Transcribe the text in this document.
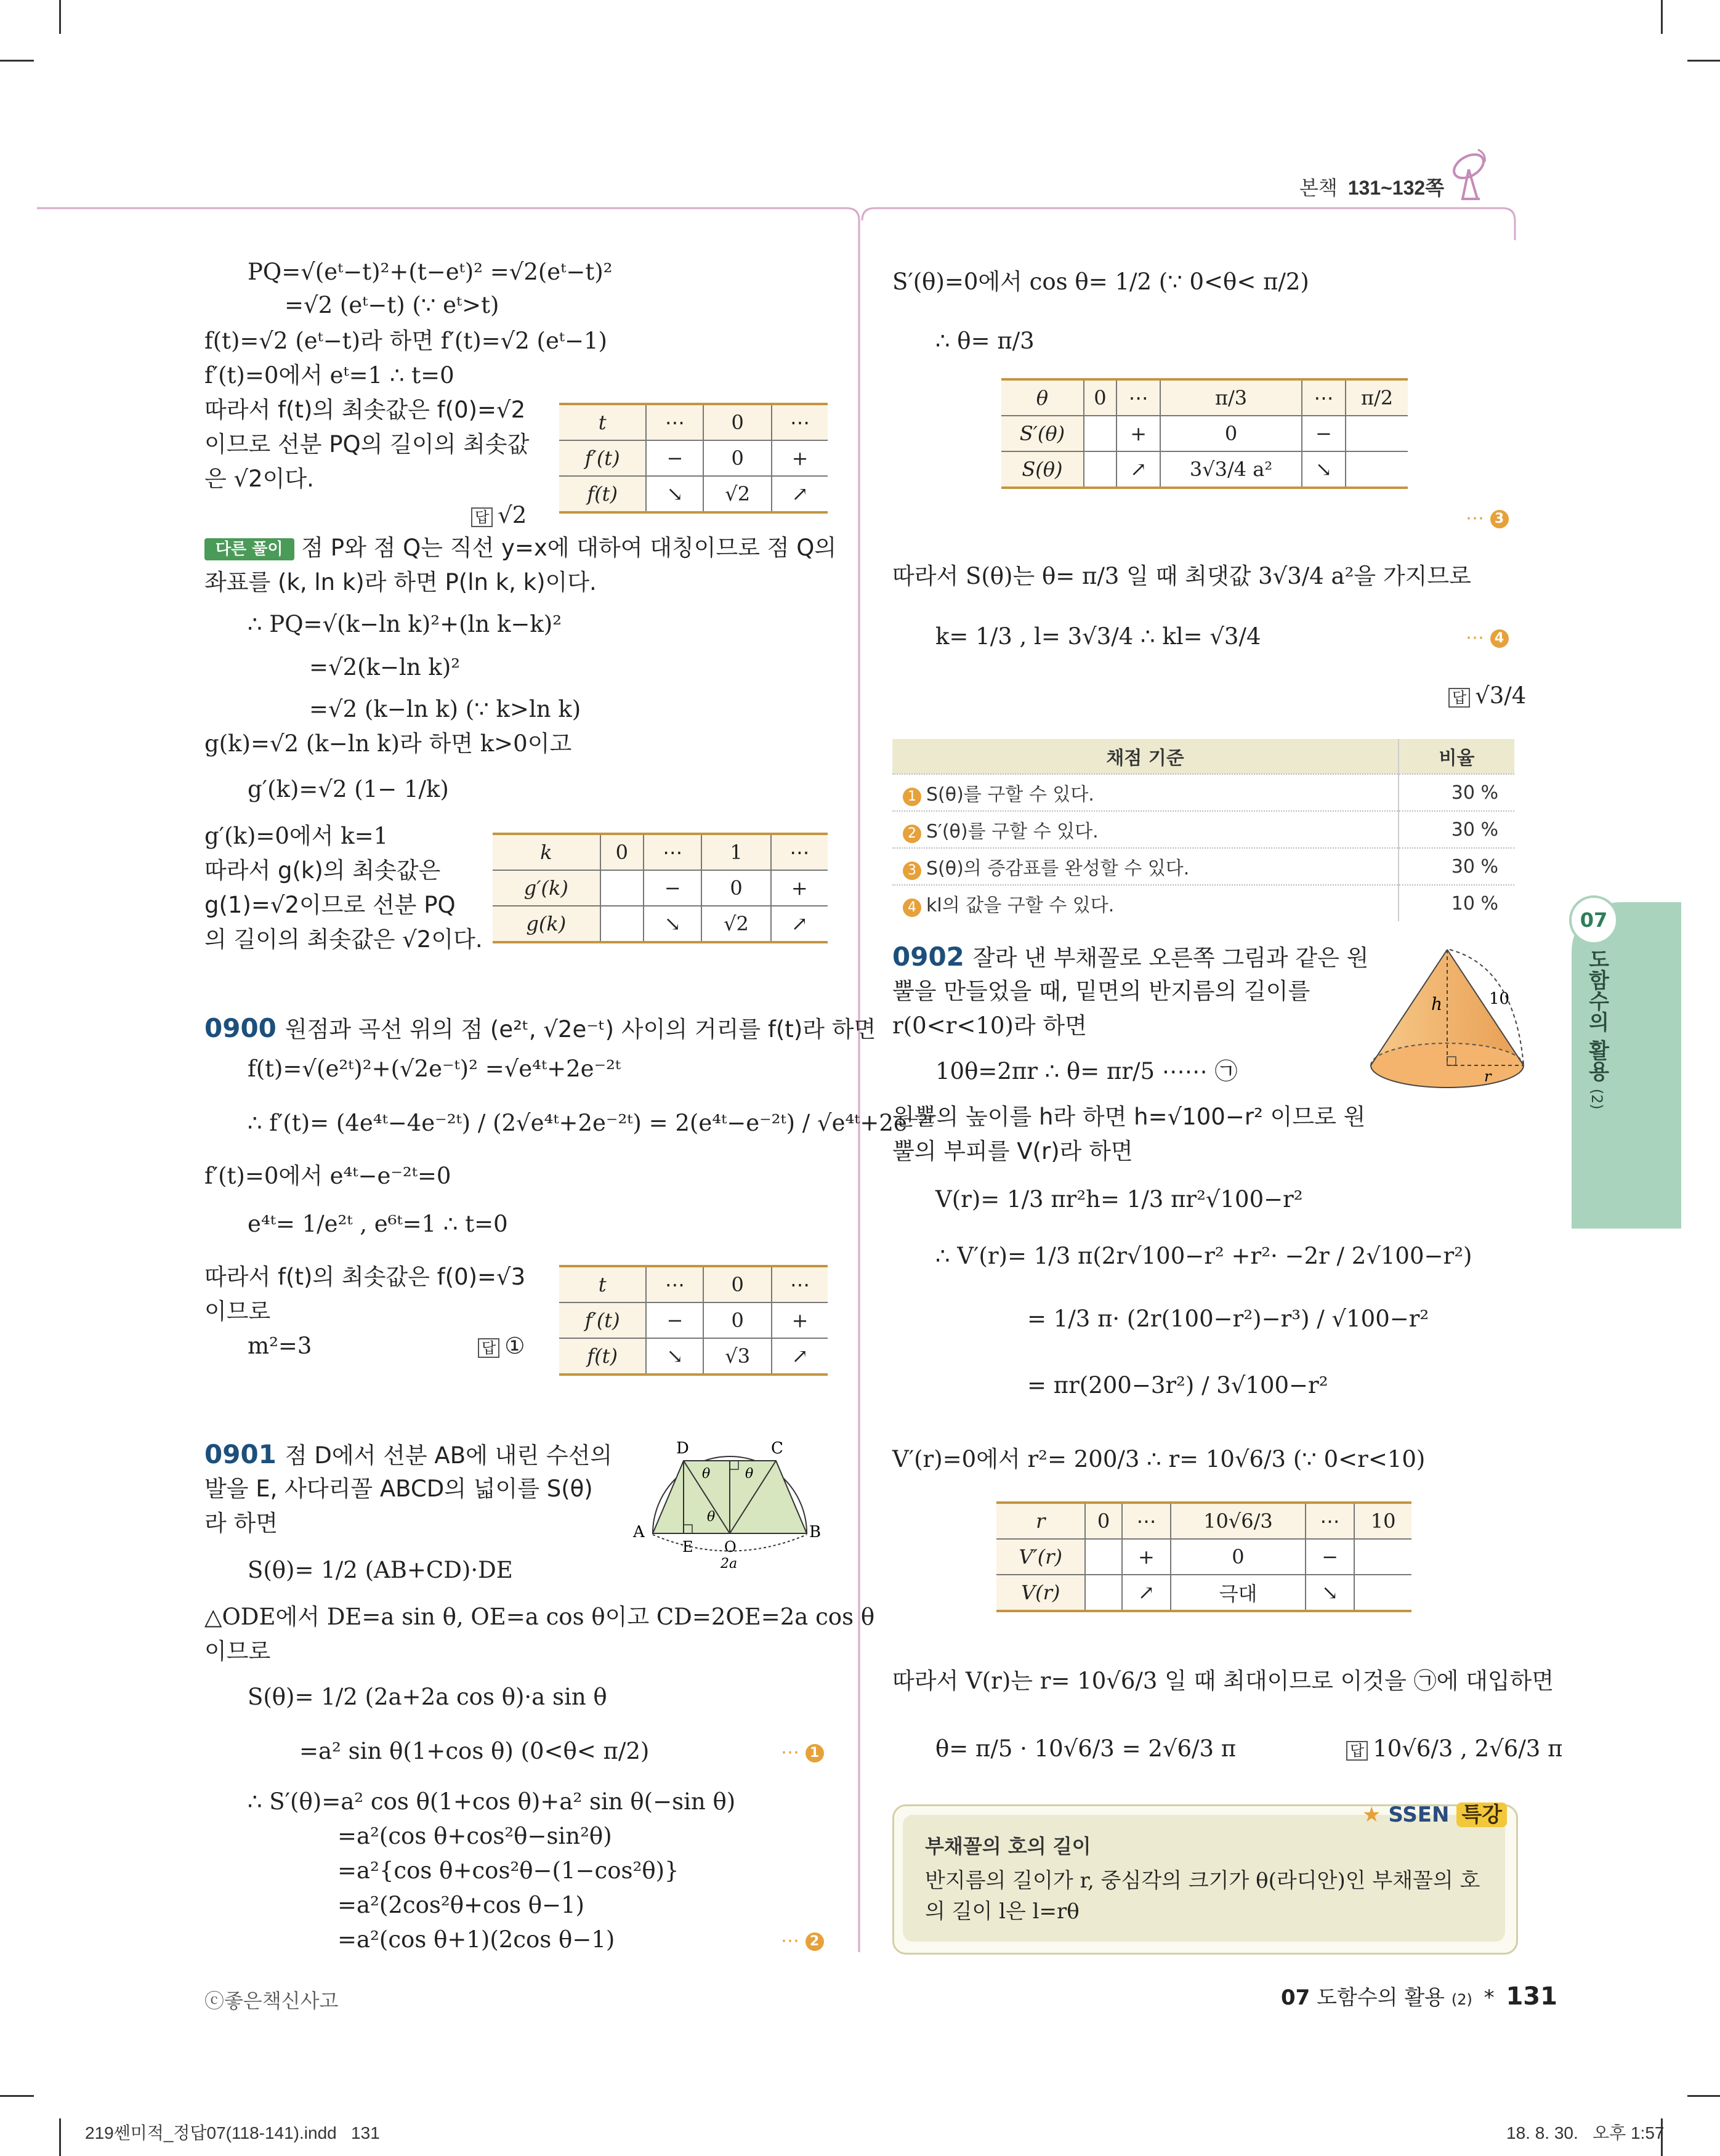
본책 131~132쪽
07
도함수의 활용 (2)
PQ=√(eᵗ−t)²+(t−eᵗ)² =√2(eᵗ−t)²
=√2 (eᵗ−t) (∵ eᵗ>t)
f(t)=√2 (eᵗ−t)라 하면 f′(t)=√2 (eᵗ−1)
f′(t)=0에서 eᵗ=1 ∴ t=0
따라서 f(t)의 최솟값은 f(0)=√2
이므로 선분 PQ의 길이의 최솟값
은 √2이다.
답 √2
t	⋯	0	⋯
f′(t)	−	0	+
f(t)	↘	√2	↗
다른 풀이 점 P와 점 Q는 직선 y=x에 대하여 대칭이므로 점 Q의
좌표를 (k, ln k)라 하면 P(ln k, k)이다.
∴ PQ=√(k−ln k)²+(ln k−k)²
=√2(k−ln k)²
=√2 (k−ln k) (∵ k>ln k)
g(k)=√2 (k−ln k)라 하면 k>0이고
g′(k)=√2 (1− 1/k)
g′(k)=0에서 k=1
따라서 g(k)의 최솟값은
g(1)=√2이므로 선분 PQ
의 길이의 최솟값은 √2이다.
k	0	⋯	1	⋯
g′(k)		−	0	+
g(k)		↘	√2	↗
0900 원점과 곡선 위의 점 (e²ᵗ, √2e⁻ᵗ) 사이의 거리를 f(t)라 하면
f(t)=√(e²ᵗ)²+(√2e⁻ᵗ)² =√e⁴ᵗ+2e⁻²ᵗ
∴ f′(t)= (4e⁴ᵗ−4e⁻²ᵗ) / (2√e⁴ᵗ+2e⁻²ᵗ) = 2(e⁴ᵗ−e⁻²ᵗ) / √e⁴ᵗ+2e⁻²ᵗ
f′(t)=0에서 e⁴ᵗ−e⁻²ᵗ=0
e⁴ᵗ= 1/e²ᵗ , e⁶ᵗ=1 ∴ t=0
따라서 f(t)의 최솟값은 f(0)=√3
이므로
m²=3	답 ①
t	⋯	0	⋯
f′(t)	−	0	+
f(t)	↘	√3	↗
0901 점 D에서 선분 AB에 내린 수선의
발을 E, 사다리꼴 ABCD의 넓이를 S(θ)
라 하면
S(θ)= 1/2 (AB+CD)·DE
△ODE에서 DE=a sin θ, OE=a cos θ이고 CD=2OE=2a cos θ
이므로
S(θ)= 1/2 (2a+2a cos θ)·a sin θ
=a² sin θ(1+cos θ) (0<θ< π/2)
∴ S′(θ)=a² cos θ(1+cos θ)+a² sin θ(−sin θ)
=a²(cos θ+cos²θ−sin²θ)
=a²{cos θ+cos²θ−(1−cos²θ)}
=a²(2cos²θ+cos θ−1)
=a²(cos θ+1)(2cos θ−1)
⋯ 1
⋯ 2
D	C
A	B
E O
θ	θ
θ
2a
ⓒ좋은책신사고
S′(θ)=0에서 cos θ= 1/2 (∵ 0<θ< π/2)
∴ θ= π/3
θ	0	⋯	π/3	⋯	π/2
S′(θ)		+	0	−	
S(θ)		↗	3√3/4 a²	↘	
⋯ 3
따라서 S(θ)는 θ= π/3 일 때 최댓값 3√3/4 a²을 가지므로
k= 1/3 , l= 3√3/4 ∴ kl= √3/4	⋯ 4
답 √3/4
채점 기준	비율
1 S(θ)를 구할 수 있다.	30 %
2 S′(θ)를 구할 수 있다.	30 %
3 S(θ)의 증감표를 완성할 수 있다.	30 %
4 kl의 값을 구할 수 있다.	10 %
0902 잘라 낸 부채꼴로 오른쪽 그림과 같은 원
뿔을 만들었을 때, 밑면의 반지름의 길이를
r(0<r<10)라 하면
10θ=2πr ∴ θ= πr/5 ⋯⋯ ㉠
원뿔의 높이를 h라 하면 h=√100−r² 이므로 원
뿔의 부피를 V(r)라 하면
V(r)= 1/3 πr²h= 1/3 πr²√100−r²
∴ V′(r)= 1/3 π(2r√100−r² +r²· −2r / 2√100−r²)
= 1/3 π· (2r(100−r²)−r³) / √100−r²
= πr(200−3r²) / 3√100−r²
V′(r)=0에서 r²= 200/3 ∴ r= 10√6/3 (∵ 0<r<10)
r	0	⋯	10√6/3	⋯	10
V′(r)		+	0	−	
V(r)		↗	극대	↘	
따라서 V(r)는 r= 10√6/3 일 때 최대이므로 이것을 ㉠에 대입하면
θ= π/5 · 10√6/3 = 2√6/3 π	답 10√6/3 , 2√6/3 π
h
r
10
부채꼴의 호의 길이
반지름의 길이가 r, 중심각의 크기가 θ(라디안)인 부채꼴의 호
의 길이 l은 l=rθ
★ SSEN 특강
07 도함수의 활용 (2) * 131
219쎈미적_정답07(118-141).indd   131	18. 8. 30.   오후 1:57
